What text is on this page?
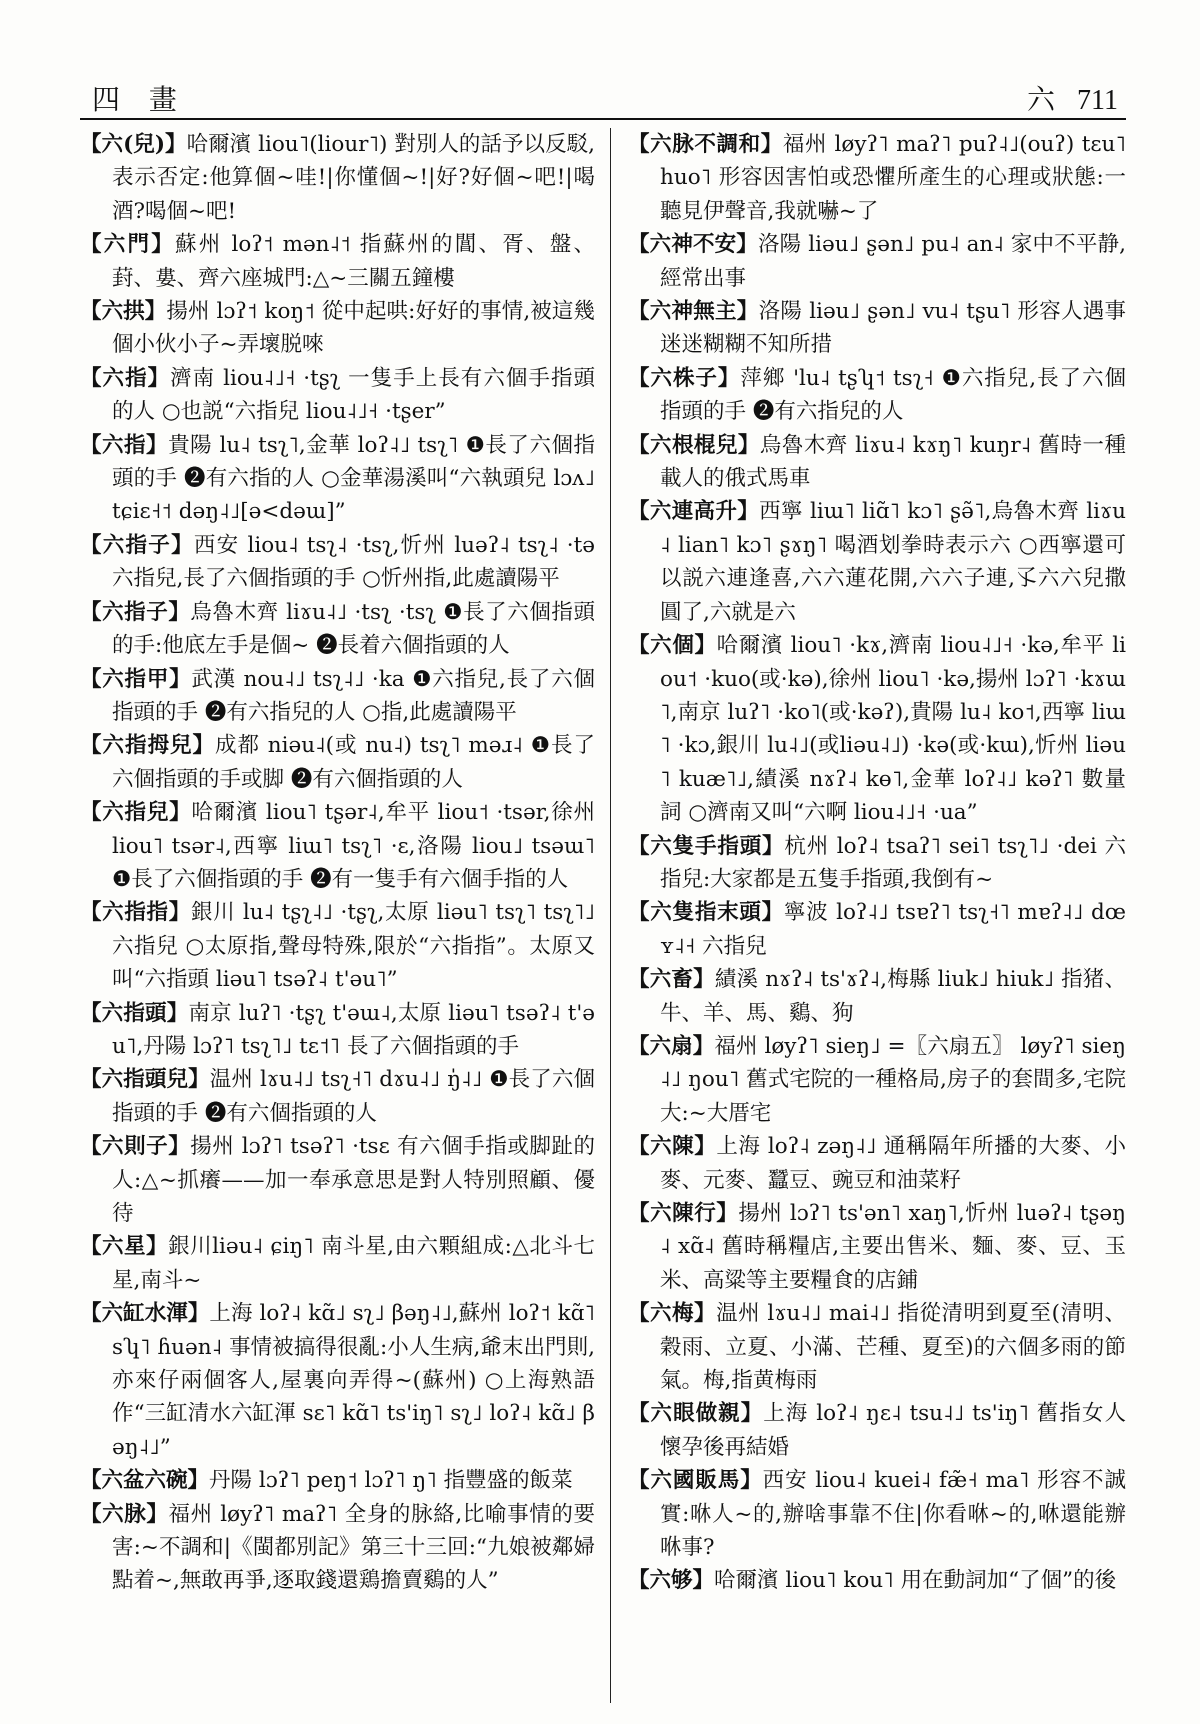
四 畫	六 711

【六(兒)】哈爾濱 liou˥(liour˥) 對別人的話予以反駁,表示否定:他算個~哇!|你懂個~!|好?好個~吧!|喝酒?喝個~吧!

【六門】蘇州 loʔ˦ mən˨˦ 指蘇州的閶、胥、盤、葑、婁、齊六座城門:△~三關五鐘樓

【六拱】揚州 lɔʔ˦ koŋ˦ 從中起哄:好好的事情,被這幾個小伙小子~弄壞脱唻

【六指】濟南 liou˨˩˧ ·tʂʅ 一隻手上長有六個手指頭的人 ○也説“六指兒 liou˨˩˧ ·tʂer”

【六指】貴陽 lu˨ tsʅ˥,金華 loʔ˨˩ tsʅ˥ ❶長了六個指頭的手 ❷有六指的人 ○金華湯溪叫“六執頭兒 lɔʌ˩ tɕiɛ˧˦ dəŋ˨˩[ə<dəɯ]”

【六指子】西安 liou˨ tsʅ˨ ·tsʅ,忻州 luəʔ˨ tsʅ˨ ·tə 六指兒,長了六個指頭的手 ○忻州指,此處讀陽平

【六指子】烏魯木齊 liɤu˨˩ ·tsʅ ·tsʅ ❶長了六個指頭的手:他底左手是個~ ❷長着六個指頭的人

【六指甲】武漢 nou˨˩ tsʅ˨˩ ·ka ❶六指兒,長了六個指頭的手 ❷有六指兒的人 ○指,此處讀陽平

【六指拇兒】成都 niəu˨(或 nu˨) tsʅ˥ məɹ˨ ❶長了六個指頭的手或脚 ❷有六個指頭的人

【六指兒】哈爾濱 liou˥ tʂər˨,牟平 liou˦ ·tsər,徐州 liou˥ tsər˨,西寧 liɯ˥ tsʅ˥ ·ɛ,洛陽 liou˩ tsəɯ˥ ❶長了六個指頭的手 ❷有一隻手有六個手指的人

【六指指】銀川 lu˨ tʂʅ˨˩ ·tʂʅ,太原 liəu˥ tsʅ˥ tsʅ˥˩ 六指兒 ○太原指,聲母特殊,限於“六指指”。太原又叫“六指頭 liəu˥ tsəʔ˨ t'əu˥”

【六指頭】南京 luʔ˥ ·tʂʅ t'əɯ˨,太原 liəu˥ tsəʔ˨ t'əu˥,丹陽 lɔʔ˥ tsʅ˥˩ tɛ˦˥ 長了六個指頭的手

【六指頭兒】温州 lɤu˨˩ tsʅ˧˥ dɤu˨˩ ŋ̍˨˩ ❶長了六個指頭的手 ❷有六個指頭的人

【六則子】揚州 lɔʔ˥ tsəʔ˥ ·tsɛ 有六個手指或脚趾的人:△~抓癢——加一奉承意思是對人特別照顧、優待

【六星】銀川liəu˨ ɕiŋ˥ 南斗星,由六顆組成:△北斗七星,南斗~

【六缸水渾】上海 loʔ˨ kɑ̃˩ sʅ˩ βəŋ˨˩,蘇州 loʔ˦ kɑ̃˥ sʮ˥ ɦuən˨ 事情被搞得很亂:小人生病,爺末出門則,亦來仔兩個客人,屋裏向弄得~(蘇州) ○上海熟語作“三缸清水六缸渾 sɛ˥ kɑ̃˥ ts'iŋ˥ sʅ˩ loʔ˨ kɑ̃˩ βəŋ˨˩”

【六盆六碗】丹陽 lɔʔ˥ peŋ˦ lɔʔ˥ ŋ˥ 指豐盛的飯菜

【六脉】福州 løyʔ˥ maʔ˥ 全身的脉絡,比喻事情的要害:~不調和|《閩都別記》第三十三回:“九娘被鄰婦點着~,無敢再爭,逐取錢還鶏擔賣鷄的人”

【六脉不調和】福州 løyʔ˥ maʔ˥ puʔ˨˩(ouʔ) tɛu˥ huo˥ 形容因害怕或恐懼所產生的心理或狀態:一聽見伊聲音,我就嚇~了

【六神不安】洛陽 liəu˩ ʂən˩ pu˨ an˨ 家中不平静,經常出事

【六神無主】洛陽 liəu˩ ʂən˩ vu˨ tʂu˥ 形容人遇事迷迷糊糊不知所措

【六株子】萍鄉 'lu˨ tʂʮ˦ tsʅ˧ ❶六指兒,長了六個指頭的手 ❷有六指兒的人

【六根棍兒】烏魯木齊 liɤu˨ kɤŋ˥ kuŋr˨ 舊時一種載人的俄式馬車

【六連高升】西寧 liɯ˥ liɑ̃˥ kɔ˥ ʂə̃˥,烏魯木齊 liɤu˨ lian˥ kɔ˥ ʂɤŋ˥ 喝酒划拳時表示六 ○西寧還可以説六連逢喜,六六蓮花開,六六子連,孓六六兒撒圓了,六就是六

【六個】哈爾濱 liou˥ ·kɤ,濟南 liou˨˩˧ ·kə,牟平 liou˦ ·kuo(或·kə),徐州 liou˥ ·kə,揚州 lɔʔ˥ ·kɤɯ˥,南京 luʔ˥ ·ko˥(或·kəʔ),貴陽 lu˨ ko˦,西寧 liɯ˥ ·kɔ,銀川 lu˨˩(或liəu˨˩) ·kə(或·kɯ),忻州 liəu˥ kuæ˥˩,績溪 nɤʔ˨ kɵ˥,金華 loʔ˨˩ kəʔ˥ 數量詞 ○濟南又叫“六啊 liou˨˩˧ ·ua”

【六隻手指頭】杭州 loʔ˨ tsaʔ˥ sei˥ tsʅ˥˩ ·dei 六指兒:大家都是五隻手指頭,我倒有~

【六隻指末頭】寧波 loʔ˨˩ tsɐʔ˥ tsʅ˧˥ mɐʔ˨˩ dœʏ˨˧ 六指兒

【六畜】績溪 nɤʔ˨ ts'ɤʔ˨,梅縣 liuk˩ hiuk˩ 指猪、牛、羊、馬、鷄、狗

【六扇】福州 løyʔ˥ sieŋ˩ =〖六扇五〗 løyʔ˥ sieŋ˨˩ ŋou˥ 舊式宅院的一種格局,房子的套間多,宅院大:~大厝宅

【六陳】上海 loʔ˨ zəŋ˨˩ 通稱隔年所播的大麥、小麥、元麥、蠶豆、豌豆和油菜籽

【六陳行】揚州 lɔʔ˥ ts'ən˥ xaŋ˥,忻州 luəʔ˨ tʂəŋ˨ xɑ̃˨ 舊時稱糧店,主要出售米、麵、麥、豆、玉米、高粱等主要糧食的店鋪

【六梅】温州 lɤu˨˩ mai˨˩ 指從清明到夏至(清明、穀雨、立夏、小滿、芒種、夏至)的六個多雨的節氣。梅,指黄梅雨

【六眼做親】上海 loʔ˨ ŋɛ˨ tsu˨˩ ts'iŋ˥ 舊指女人懷孕後再結婚

【六國販馬】西安 liou˨ kuei˨ fæ̃˧ ma˥ 形容不誠實:咻人~的,辦啥事靠不住|你看咻~的,咻還能辦咻事?

【六够】哈爾濱 liou˥ kou˥ 用在動詞加“了個”的後
